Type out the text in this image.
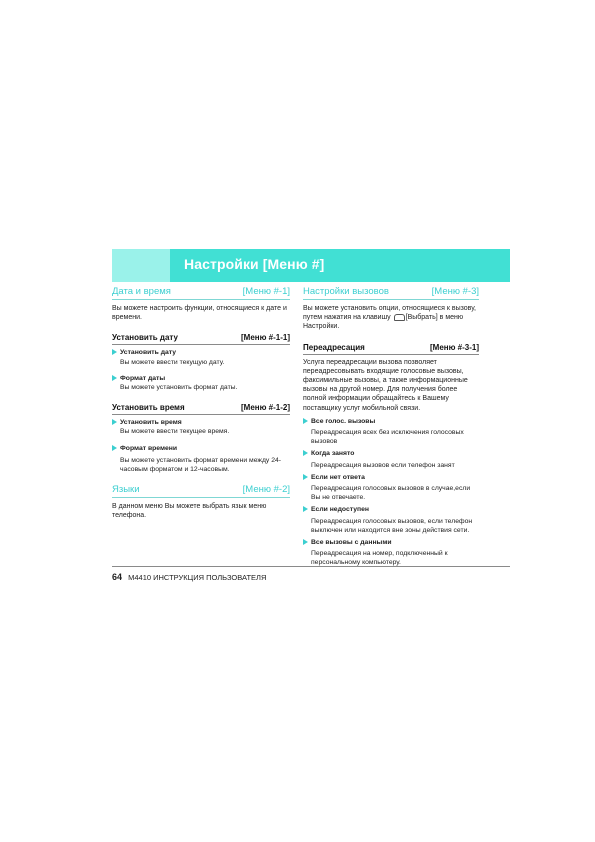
Настройки [Меню #]
Дата и время	[Меню #-1]

Вы можете настроить функции, относящиеся к дате и времени.

Установить дату	[Меню #-1-1]
Установить дату
Вы можете ввести текущую дату.
Формат даты
Вы можете установить формат даты.
Установить время	[Меню #-1-2]
Установить время
Вы можете ввести текущее время.
Формат времени
Вы можете установить формат времени между 24-часовым форматом и 12-часовым.
Языки	[Меню #-2]

В данном меню Вы можете выбрать язык меню телефона.

Настройки вызовов	[Меню #-3]

Вы можете установить опции, относящиеся к вызову, путем нажатия на клавишу [Выбрать] в меню Настройки.

Переадресация	[Меню #-3-1]

Услуга переадресации вызова позволяет переадресовывать входящие голосовые вызовы, факсимильные вызовы, а также информационные вызовы на другой номер. Для получения более полной информации обращайтесь к Вашему поставщику услуг мобильной связи.

Все голос. вызовы
Переадресация всех без исключения голосовых вызовов
Когда занято
Переадресация вызовов если телефон занят
Если нет ответа
Переадресация голосовых вызовов в случае,если Вы не отвечаете.
Если недоступен
Переадресация голосовых вызовов, если телефон выключен или находится вне зоны действия сети.
Все вызовы с данными
Переадресация на номер, подключенный к персональному компьютеру.
64 M4410 ИНСТРУКЦИЯ ПОЛЬЗОВАТЕЛЯ
